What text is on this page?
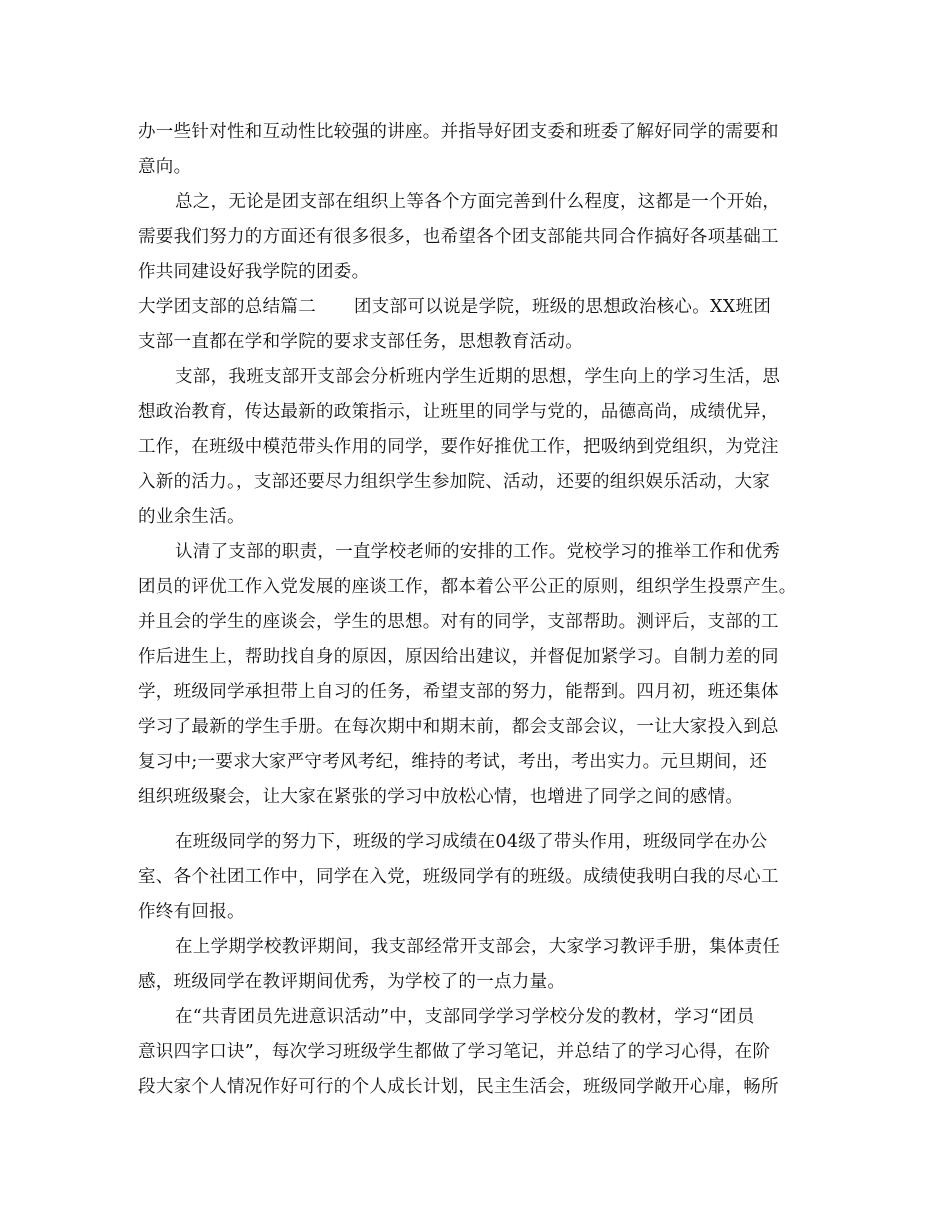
办一些针对性和互动性比较强的讲座。并指导好团支委和班委了解好同学的需要和
意向。
总之，无论是团支部在组织上等各个方面完善到什么程度，这都是一个开始，
需要我们努力的方面还有很多很多，也希望各个团支部能共同合作搞好各项基础工
作共同建设好我学院的团委。
大学团支部的总结篇二 团支部可以说是学院，班级的思想政治核心。XX班团
支部一直都在学和学院的要求支部任务，思想教育活动。
支部，我班支部开支部会分析班内学生近期的思想，学生向上的学习生活，思
想政治教育，传达最新的政策指示，让班里的同学与党的，品德高尚，成绩优异，
工作，在班级中模范带头作用的同学，要作好推优工作，把吸纳到党组织，为党注
入新的活力。，支部还要尽力组织学生参加院、活动，还要的组织娱乐活动，大家
的业余生活。
认清了支部的职责，一直学校老师的安排的工作。党校学习的推举工作和优秀
团员的评优工作入党发展的座谈工作，都本着公平公正的原则，组织学生投票产生。
并且会的学生的座谈会，学生的思想。对有的同学，支部帮助。测评后，支部的工
作后进生上，帮助找自身的原因，原因给出建议，并督促加紧学习。自制力差的同
学，班级同学承担带上自习的任务，希望支部的努力，能帮到。四月初，班还集体
学习了最新的学生手册。在每次期中和期末前，都会支部会议，一让大家投入到总
复习中;一要求大家严守考风考纪，维持的考试，考出，考出实力。元旦期间，还
组织班级聚会，让大家在紧张的学习中放松心情，也增进了同学之间的感情。
在班级同学的努力下，班级的学习成绩在04级了带头作用，班级同学在办公
室、各个社团工作中，同学在入党，班级同学有的班级。成绩使我明白我的尽心工
作终有回报。
在上学期学校教评期间，我支部经常开支部会，大家学习教评手册，集体责任
感，班级同学在教评期间优秀，为学校了的一点力量。
在“共青团员先进意识活动”中，支部同学学习学校分发的教材，学习“团员
意识四字口诀”，每次学习班级学生都做了学习笔记，并总结了的学习心得，在阶
段大家个人情况作好可行的个人成长计划，民主生活会，班级同学敞开心扉，畅所
